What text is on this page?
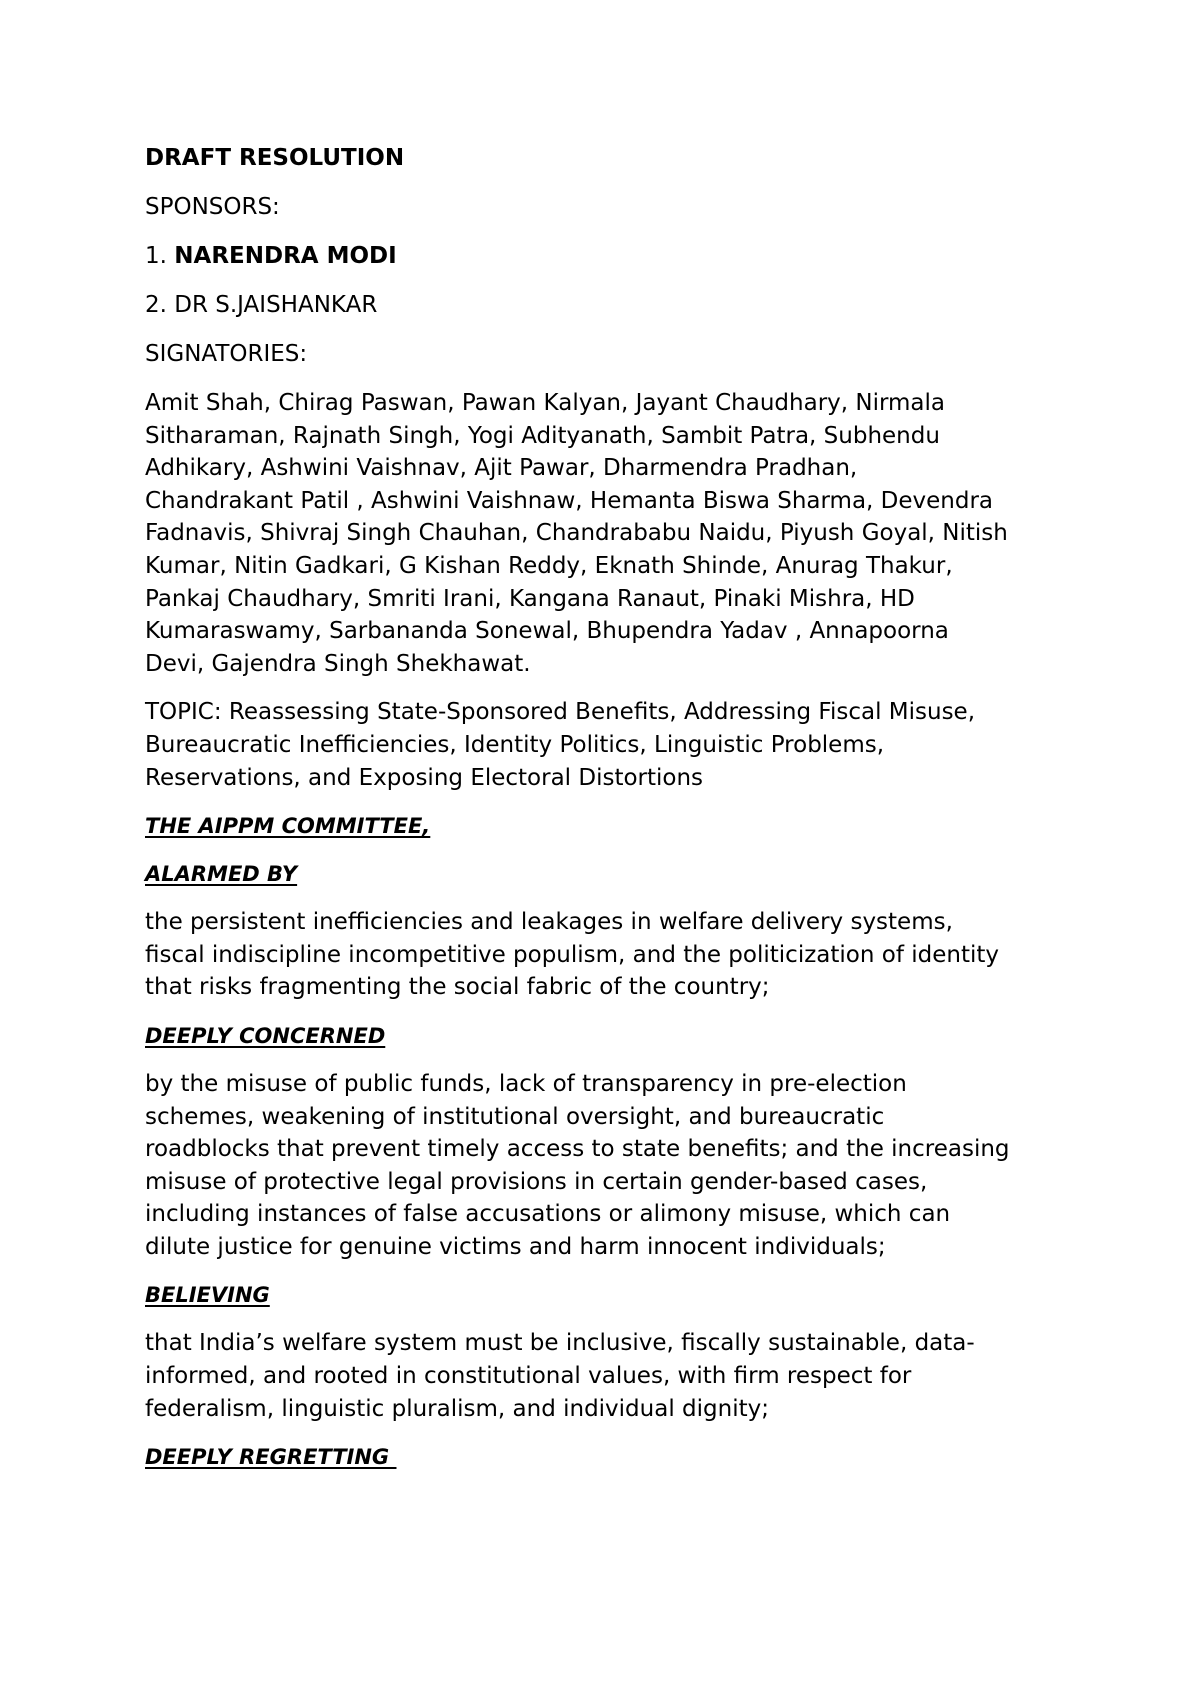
DRAFT RESOLUTION

SPONSORS:

1. NARENDRA MODI

2. DR S.JAISHANKAR

SIGNATORIES:

Amit Shah, Chirag Paswan, Pawan Kalyan, Jayant Chaudhary, Nirmala
Sitharaman, Rajnath Singh, Yogi Adityanath, Sambit Patra, Subhendu
Adhikary, Ashwini Vaishnav, Ajit Pawar, Dharmendra Pradhan,
Chandrakant Patil , Ashwini Vaishnaw, Hemanta Biswa Sharma, Devendra
Fadnavis, Shivraj Singh Chauhan, Chandrababu Naidu, Piyush Goyal, Nitish
Kumar, Nitin Gadkari, G Kishan Reddy, Eknath Shinde, Anurag Thakur,
Pankaj Chaudhary, Smriti Irani, Kangana Ranaut, Pinaki Mishra, HD
Kumaraswamy, Sarbananda Sonewal, Bhupendra Yadav , Annapoorna
Devi, Gajendra Singh Shekhawat.

TOPIC: Reassessing State-Sponsored Benefits, Addressing Fiscal Misuse,
Bureaucratic Inefficiencies, Identity Politics, Linguistic Problems,
Reservations, and Exposing Electoral Distortions

THE AIPPM COMMITTEE,

ALARMED BY

the persistent inefficiencies and leakages in welfare delivery systems,
fiscal indiscipline incompetitive populism, and the politicization of identity
that risks fragmenting the social fabric of the country;

DEEPLY CONCERNED

by the misuse of public funds, lack of transparency in pre-election
schemes, weakening of institutional oversight, and bureaucratic
roadblocks that prevent timely access to state benefits; and the increasing
misuse of protective legal provisions in certain gender-based cases,
including instances of false accusations or alimony misuse, which can
dilute justice for genuine victims and harm innocent individuals;

BELIEVING

that India’s welfare system must be inclusive, fiscally sustainable, data-
informed, and rooted in constitutional values, with firm respect for
federalism, linguistic pluralism, and individual dignity;

DEEPLY REGRETTING
